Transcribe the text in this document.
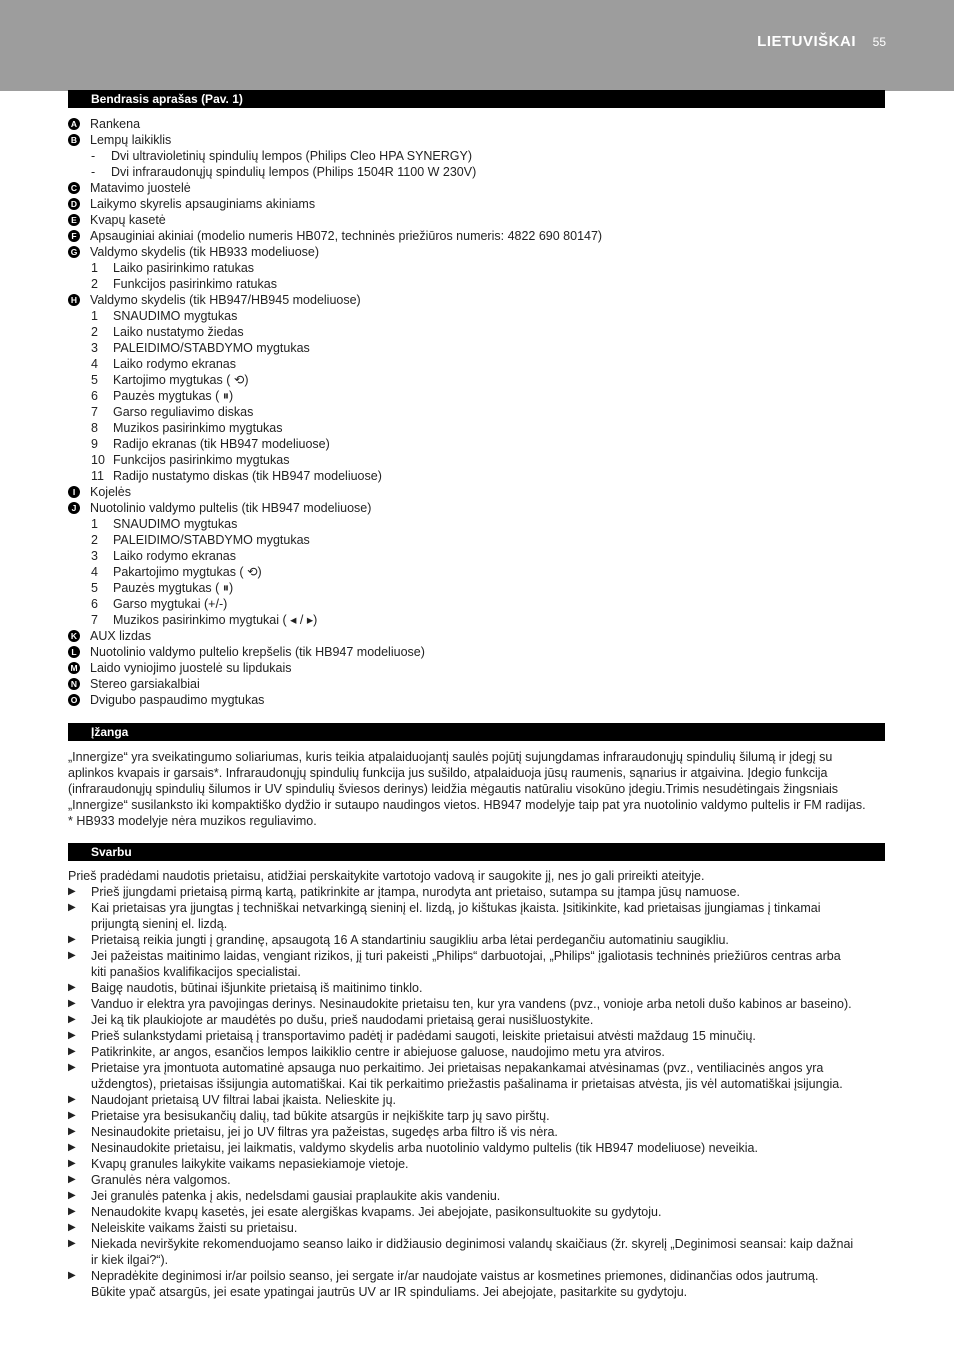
LIETUVIŠKAI 55
Bendrasis aprašas (Pav. 1)
A Rankena
B Lempų laikiklis
- Dvi ultravioletinių spindulių lempos (Philips Cleo HPA SYNERGY)
- Dvi infraraudonųjų spindulių lempos (Philips 1504R 1100 W 230V)
C Matavimo juostelė
D Laikymo skyrelis apsauginiams akiniams
E Kvapų kasetė
F Apsauginiai akiniai (modelio numeris HB072, techninės priežiūros numeris: 4822 690 80147)
G Valdymo skydelis (tik HB933 modeliuose)
1 Laiko pasirinkimo ratukas
2 Funkcijos pasirinkimo ratukas
H Valdymo skydelis (tik HB947/HB945 modeliuose)
1 SNAUDIMO mygtukas
2 Laiko nustatymo žiedas
3 PALEIDIMO/STABDYMO mygtukas
4 Laiko rodymo ekranas
5 Kartojimo mygtukas ( ⟲)
6 Pauzės mygtukas ( ⏸)
7 Garso reguliavimo diskas
8 Muzikos pasirinkimo mygtukas
9 Radijo ekranas (tik HB947 modeliuose)
10 Funkcijos pasirinkimo mygtukas
11 Radijo nustatymo diskas (tik HB947 modeliuose)
I	Kojelės
J Nuotolinio valdymo pultelis (tik HB947 modeliuose)
1 SNAUDIMO mygtukas
2 PALEIDIMO/STABDYMO mygtukas
3 Laiko rodymo ekranas
4 Pakartojimo mygtukas ( ⟲)
5 Pauzės mygtukas ( ⏸)
6 Garso mygtukai (+/-)
7 Muzikos pasirinkimo mygtukai ( ◂ / ▸)
K AUX lizdas
L Nuotolinio valdymo pultelio krepšelis (tik HB947 modeliuose)
M Laido vyniojimo juostelė su lipdukais
N Stereo garsiakalbiai
O Dvigubo paspaudimo mygtukas
Įžanga

„Innergize“ yra sveikatingumo soliariumas, kuris teikia atpalaiduojantį saulės pojūtį sujungdamas infraraudonųjų spindulių šilumą ir įdegį su

aplinkos kvapais ir garsais*. Infraraudonųjų spindulių funkcija jus sušildo, atpalaiduoja jūsų raumenis, sąnarius ir atgaivina. Įdegio funkcija

(infraraudonųjų spindulių šilumos ir UV spindulių šviesos derinys) leidžia mėgautis natūraliu visokūno įdegiu.Trimis nesudėtingais žingsniais

„Innergize“ susilanksto iki kompaktiško dydžio ir sutaupo naudingos vietos. HB947 modelyje taip pat yra nuotolinio valdymo pultelis ir FM radijas.

* HB933 modelyje nėra muzikos reguliavimo.

Svarbu

Prieš pradėdami naudotis prietaisu, atidžiai perskaitykite vartotojo vadovą ir saugokite jį, nes jo gali prireikti ateityje.

▶ Prieš įjungdami prietaisą pirmą kartą, patikrinkite ar įtampa, nurodyta ant prietaiso, sutampa su įtampa jūsų namuose.
▶ Kai prietaisas yra įjungtas į techniškai netvarkingą sieninį el. lizdą, jo kištukas įkaista. Įsitikinkite, kad prietaisas įjungiamas į tinkamai
prijungtą sieninį el. lizdą.
▶ Prietaisą reikia jungti į grandinę, apsaugotą 16 A standartiniu saugikliu arba lėtai perdegančiu automatiniu saugikliu.
▶ Jei pažeistas maitinimo laidas, vengiant rizikos, jį turi pakeisti „Philips“ darbuotojai, „Philips“ įgaliotasis techninės priežiūros centras arba
kiti panašios kvalifikacijos specialistai.
▶ Baigę naudotis, būtinai išjunkite prietaisą iš maitinimo tinklo.
▶ Vanduo ir elektra yra pavojingas derinys. Nesinaudokite prietaisu ten, kur yra vandens (pvz., vonioje arba netoli dušo kabinos ar baseino).
▶ Jei ką tik plaukiojote ar maudėtės po dušu, prieš naudodami prietaisą gerai nusišluostykite.
▶ Prieš sulankstydami prietaisą į transportavimo padėtį ir padėdami saugoti, leiskite prietaisui atvėsti maždaug 15 minučių.
▶ Patikrinkite, ar angos, esančios lempos laikiklio centre ir abiejuose galuose, naudojimo metu yra atviros.
▶ Prietaise yra įmontuota automatinė apsauga nuo perkaitimo. Jei prietaisas nepakankamai atvėsinamas (pvz., ventiliacinės angos yra
uždengtos), prietaisas išsijungia automatiškai. Kai tik perkaitimo priežastis pašalinama ir prietaisas atvėsta, jis vėl automatiškai įsijungia.
▶ Naudojant prietaisą UV filtrai labai įkaista. Nelieskite jų.
▶ Prietaise yra besisukančių dalių, tad būkite atsargūs ir neįkiškite tarp jų savo pirštų.
▶ Nesinaudokite prietaisu, jei jo UV filtras yra pažeistas, sugedęs arba filtro iš vis nėra.
▶ Nesinaudokite prietaisu, jei laikmatis, valdymo skydelis arba nuotolinio valdymo pultelis (tik HB947 modeliuose) neveikia.
▶ Kvapų granules laikykite vaikams nepasiekiamoje vietoje.
▶ Granulės nėra valgomos.
▶ Jei granulės patenka į akis, nedelsdami gausiai praplaukite akis vandeniu.
▶ Nenaudokite kvapų kasetės, jei esate alergiškas kvapams. Jei abejojate, pasikonsultuokite su gydytoju.
▶ Neleiskite vaikams žaisti su prietaisu.
▶ Niekada neviršykite rekomenduojamo seanso laiko ir didžiausio deginimosi valandų skaičiaus (žr. skyrelį „Deginimosi seansai: kaip dažnai
ir kiek ilgai?“).
▶ Nepradėkite deginimosi ir/ar poilsio seanso, jei sergate ir/ar naudojate vaistus ar kosmetines priemones, didinančias odos jautrumą.
Būkite ypač atsargūs, jei esate ypatingai jautrūs UV ar IR spinduliams. Jei abejojate, pasitarkite su gydytoju.
